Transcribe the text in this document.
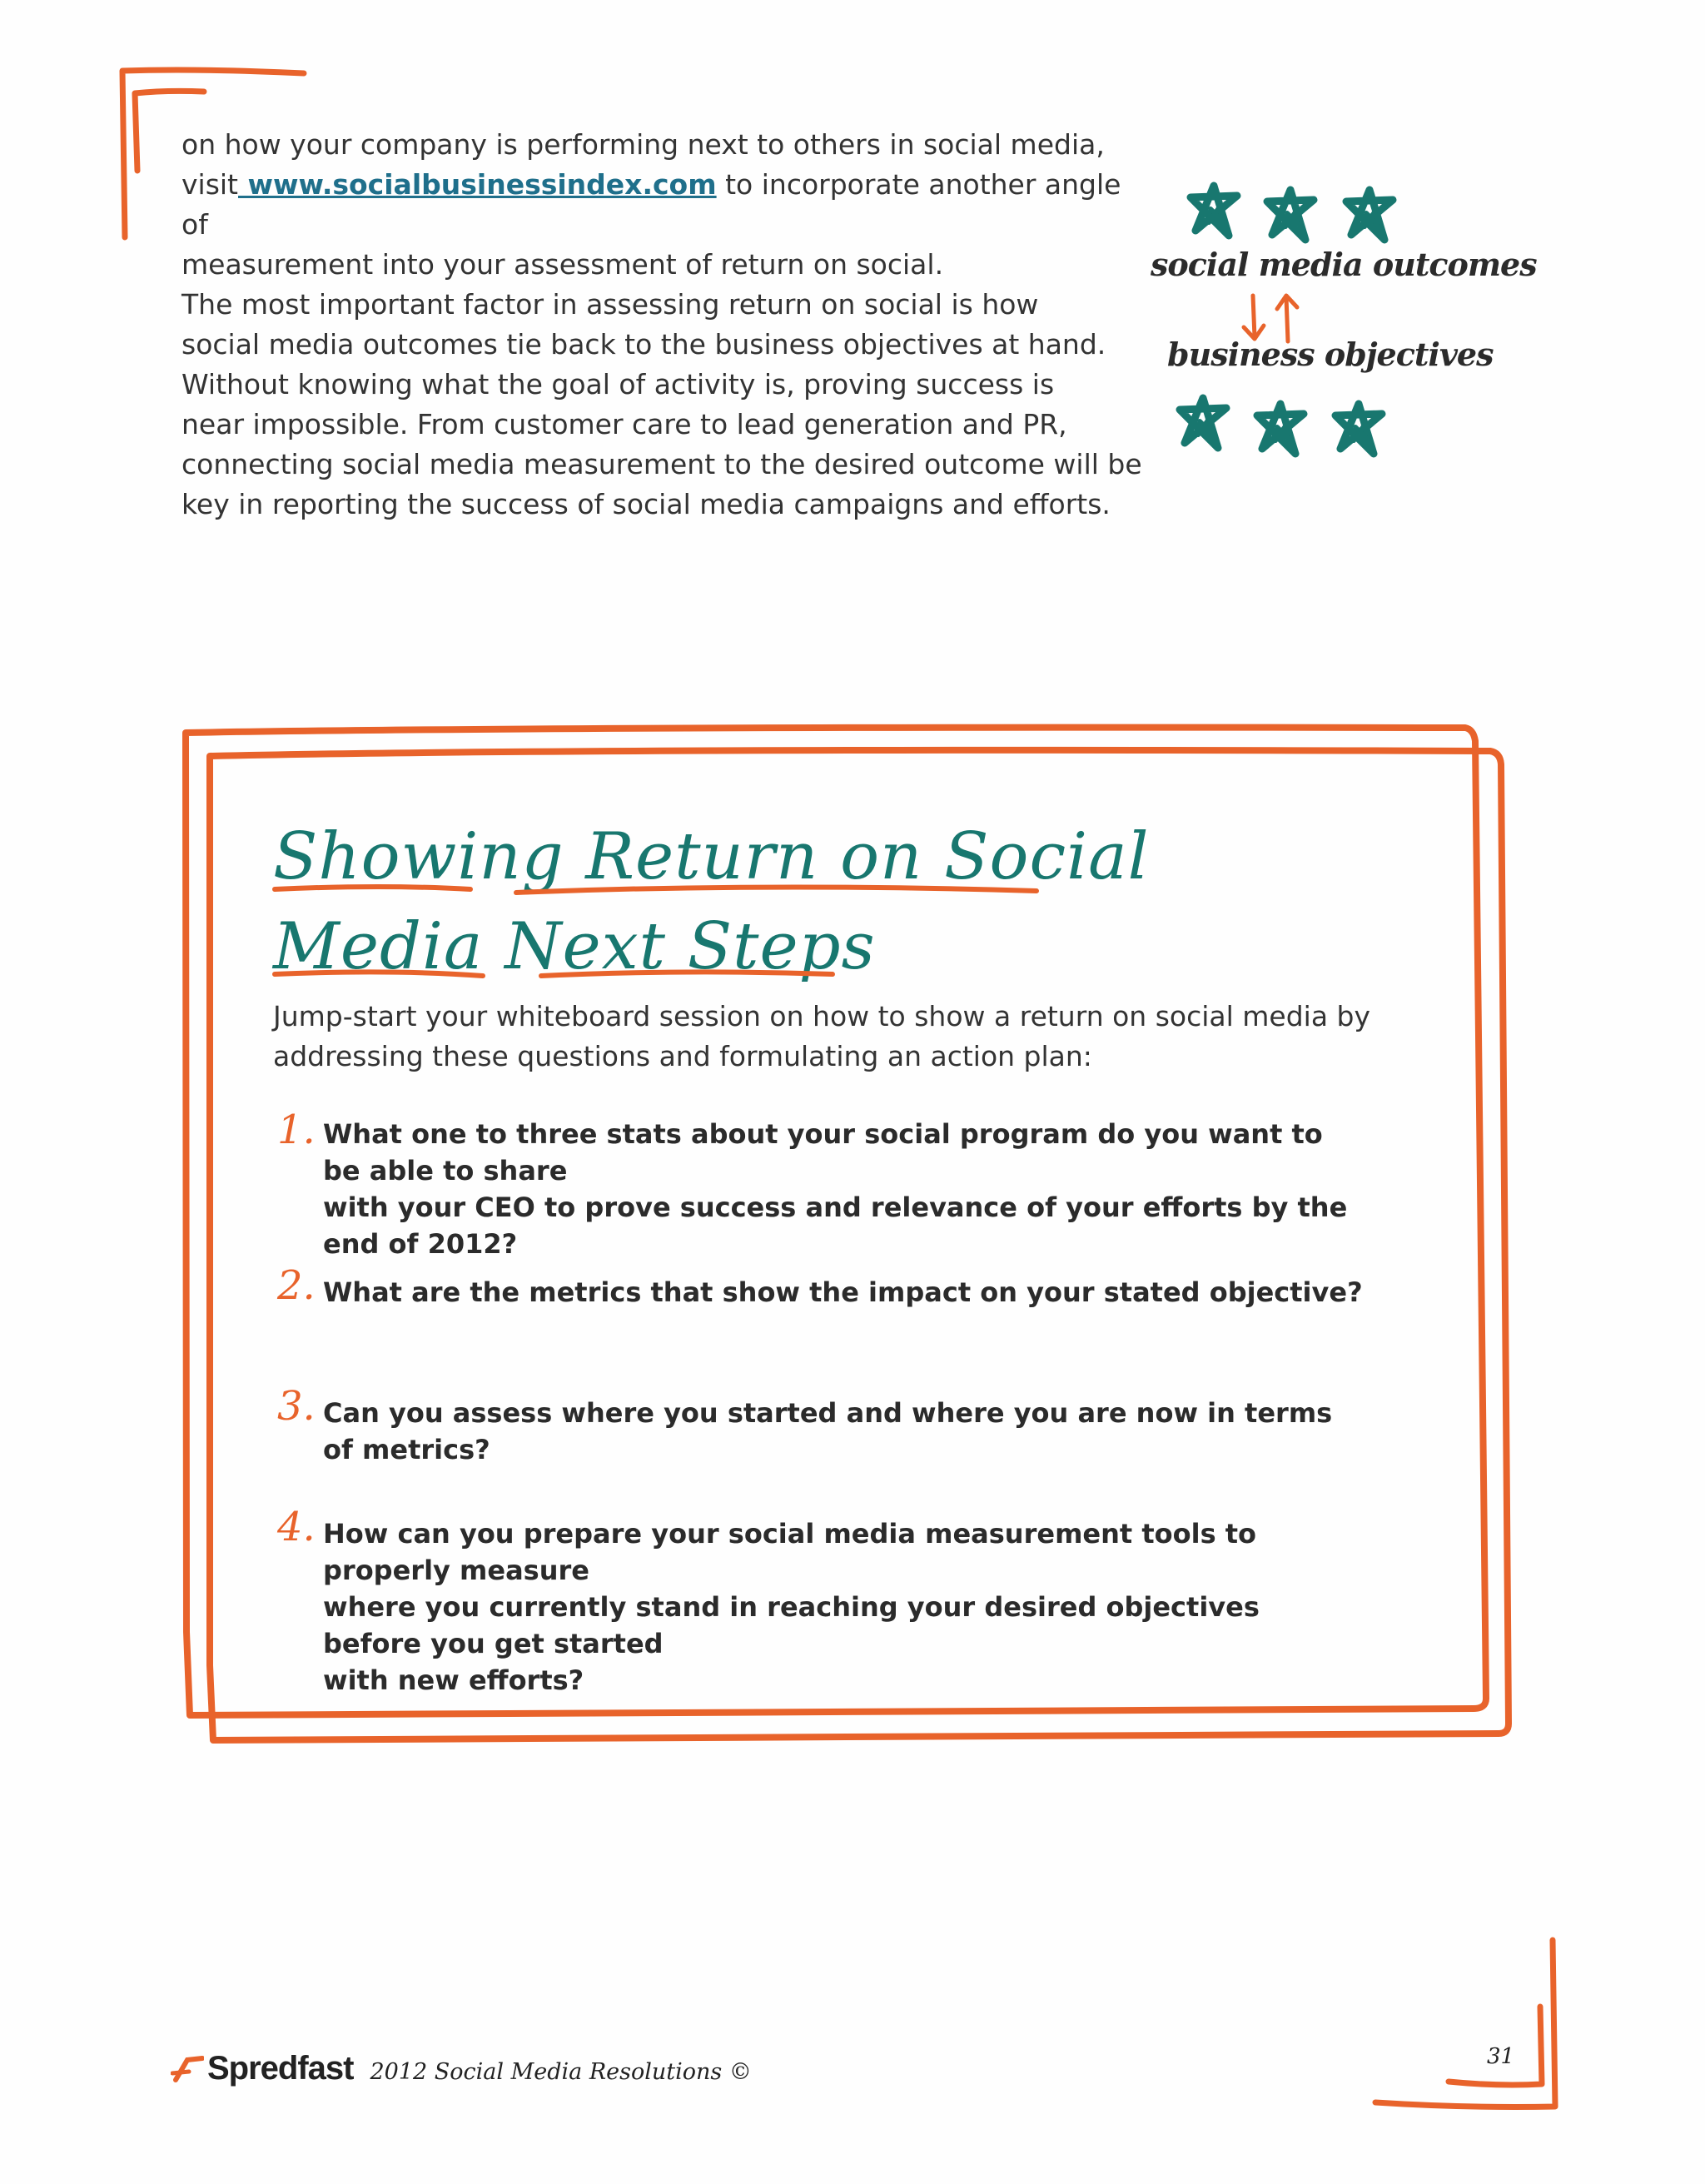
on how your company is performing next to others in social media,

visit www.socialbusinessindex.com to incorporate another angle of

measurement into your assessment of return on social.

The most important factor in assessing return on social is how

social media outcomes tie back to the business objectives at hand.

Without knowing what the goal of activity is, proving success is

near impossible. From customer care to lead generation and PR,

connecting social media measurement to the desired outcome will be

key in reporting the success of social media campaigns and efforts.

social media outcomes
business objectives
Showing Return on Social
Media Next Steps
Jump-start your whiteboard session on how to show a return on social media by
addressing these questions and formulating an action plan:
1. What one to three stats about your social program do you want to be able to share
with your CEO to prove success and relevance of your efforts by the end of 2012?
2. What are the metrics that show the impact on your stated objective?
3. Can you assess where you started and where you are now in terms of metrics?
4. How can you prepare your social media measurement tools to properly measure
where you currently stand in reaching your desired objectives before you get started
with new efforts?
Spredfast 2012 Social Media Resolutions ©
31
